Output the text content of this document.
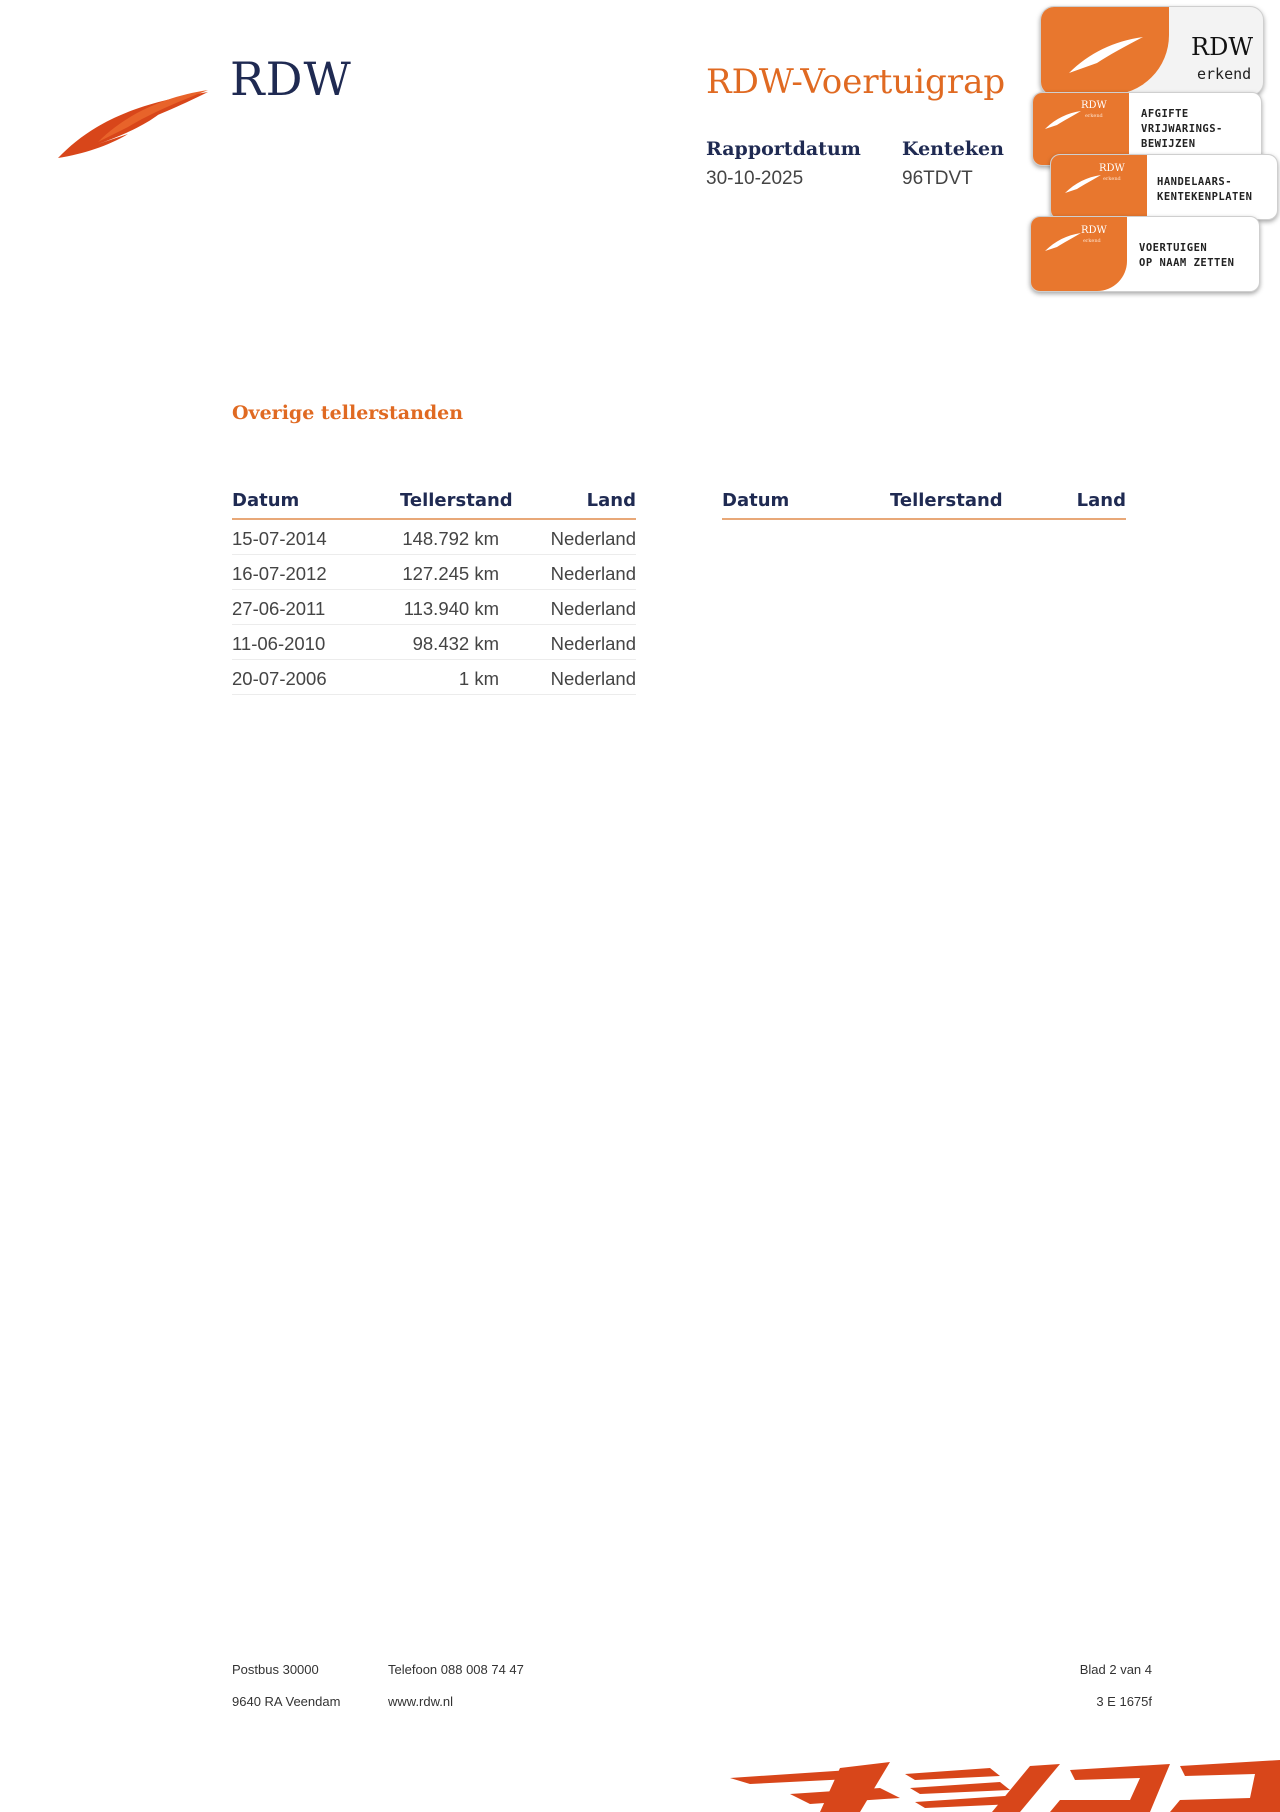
RDW	RDW-Voertuigrap
Rapportdatum
30-10-2025
Kenteken
96TDVT
RDW
erkend
RDW
erkend	AFGIFTE
VRIJWARINGS-
BEWIJZEN
RDW
erkend	HANDELAARS-
KENTEKENPLATEN
RDW
erkend
VOERTUIGEN
OP NAAM ZETTEN
Overige tellerstanden
Datum	Tellerstand	Land
15-07-2014	148.792 km	Nederland
16-07-2012	127.245 km	Nederland
27-06-2011	113.940 km	Nederland
11-06-2010	98.432 km	Nederland
20-07-2006	1 km	Nederland
Datum	Tellerstand	Land
Postbus 30000
9640 RA Veendam
Telefoon 088 008 74 47
www.rdw.nl
Blad 2 van 4
3 E 1675f
